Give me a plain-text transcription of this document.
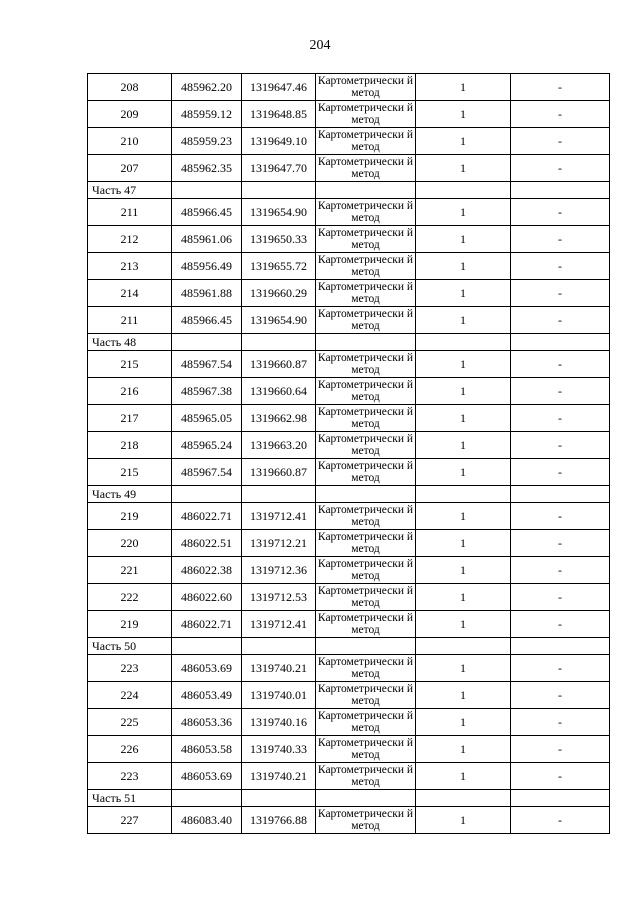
204
208	485962.20	1319647.46	Картометрически й метод	1	-
209	485959.12	1319648.85	Картометрически й метод	1	-
210	485959.23	1319649.10	Картометрически й метод	1	-
207	485962.35	1319647.70	Картометрически й метод	1	-
Часть 47					
211	485966.45	1319654.90	Картометрически й метод	1	-
212	485961.06	1319650.33	Картометрически й метод	1	-
213	485956.49	1319655.72	Картометрически й метод	1	-
214	485961.88	1319660.29	Картометрически й метод	1	-
211	485966.45	1319654.90	Картометрически й метод	1	-
Часть 48					
215	485967.54	1319660.87	Картометрически й метод	1	-
216	485967.38	1319660.64	Картометрически й метод	1	-
217	485965.05	1319662.98	Картометрически й метод	1	-
218	485965.24	1319663.20	Картометрически й метод	1	-
215	485967.54	1319660.87	Картометрически й метод	1	-
Часть 49					
219	486022.71	1319712.41	Картометрически й метод	1	-
220	486022.51	1319712.21	Картометрически й метод	1	-
221	486022.38	1319712.36	Картометрически й метод	1	-
222	486022.60	1319712.53	Картометрически й метод	1	-
219	486022.71	1319712.41	Картометрически й метод	1	-
Часть 50					
223	486053.69	1319740.21	Картометрически й метод	1	-
224	486053.49	1319740.01	Картометрически й метод	1	-
225	486053.36	1319740.16	Картометрически й метод	1	-
226	486053.58	1319740.33	Картометрически й метод	1	-
223	486053.69	1319740.21	Картометрически й метод	1	-
Часть 51					
227	486083.40	1319766.88	Картометрически й метод	1	-
